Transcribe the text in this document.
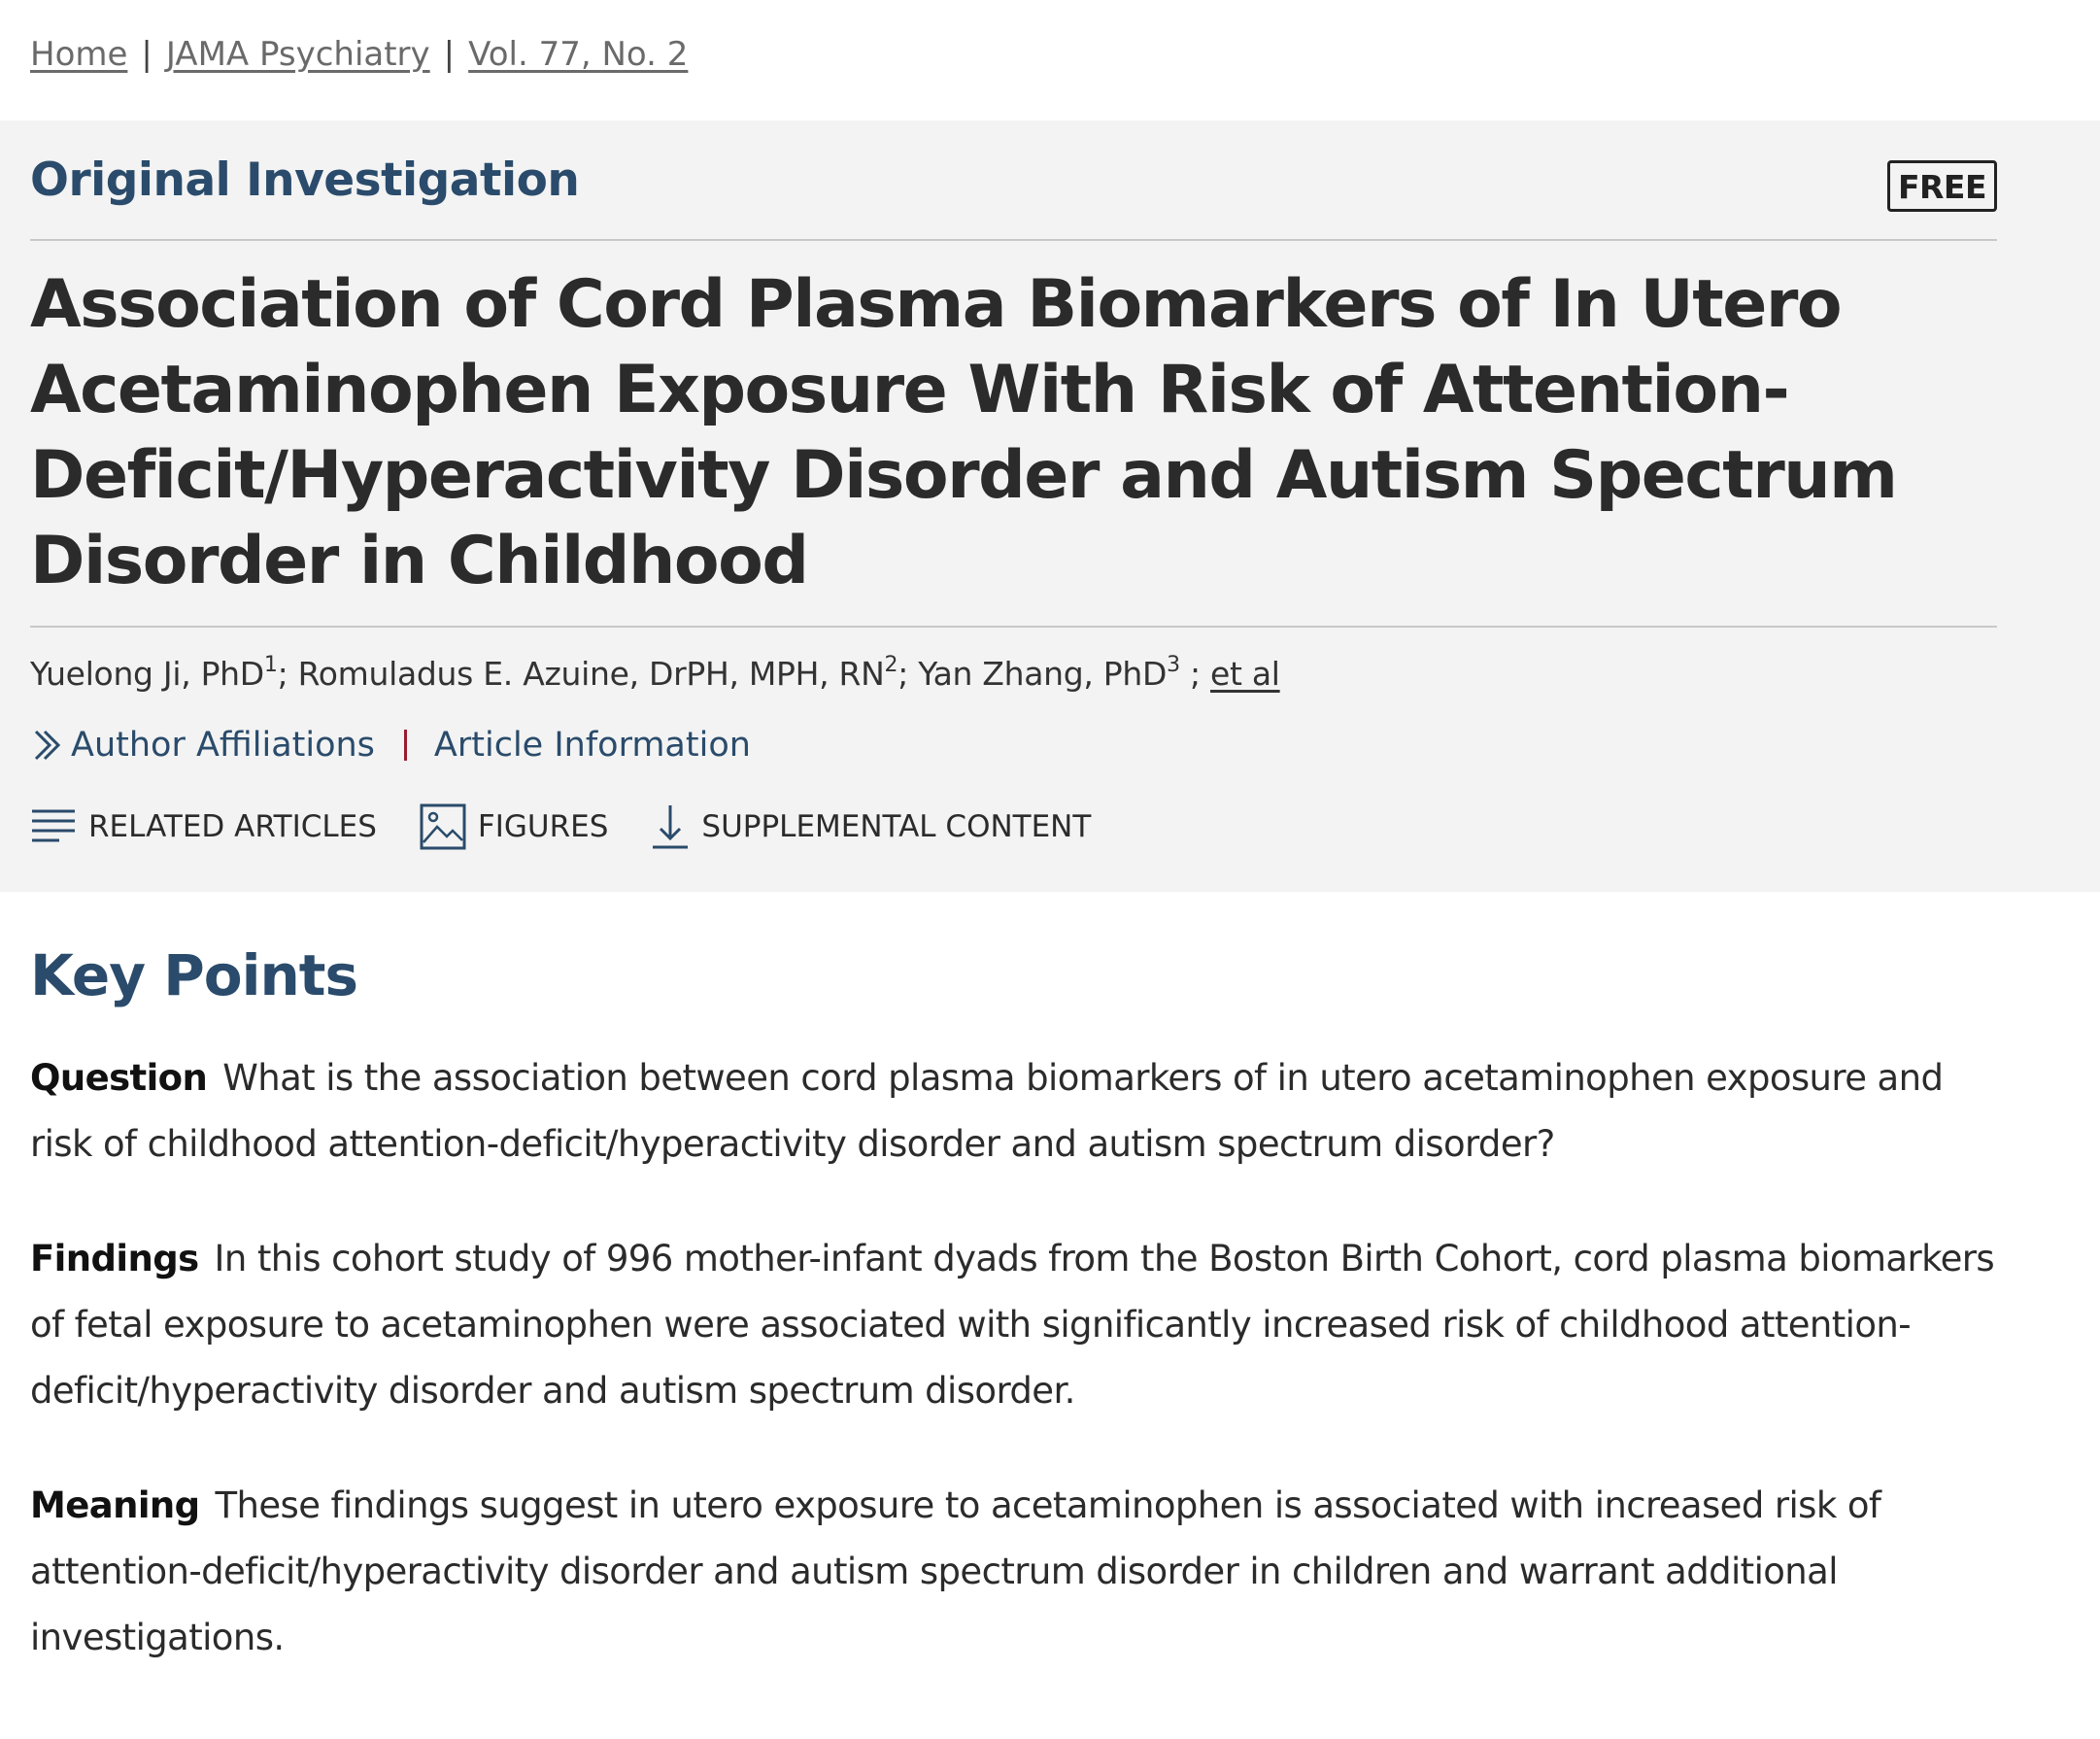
Home | JAMA Psychiatry | Vol. 77, No. 2
Original Investigation	FREE
Association of Cord Plasma Biomarkers of In Utero Acetaminophen Exposure With Risk of Attention-Deficit/Hyperactivity Disorder and Autism Spectrum Disorder in Childhood
Yuelong Ji, PhD$^1$; Romuladus E. Azuine, DrPH, MPH, $RN^2$; Yan Zhang, PhD$^3$ ; et al
Author Affiliations Article Information
RELATED ARTICLES	FIGURES	SUPPLEMENTAL CONTENT
Key Points

Question What is the association between cord plasma biomarkers of in utero acetaminophen exposure and risk of childhood attention-deficit/hyperactivity disorder and autism spectrum disorder?

Findings In this cohort study of 996 mother-infant dyads from the Boston Birth Cohort, cord plasma biomarkers of fetal exposure to acetaminophen were associated with significantly increased risk of childhood attention-deficit/hyperactivity disorder and autism spectrum disorder.

Meaning These findings suggest in utero exposure to acetaminophen is associated with increased risk of attention-deficit/hyperactivity disorder and autism spectrum disorder in children and warrant additional investigations.
